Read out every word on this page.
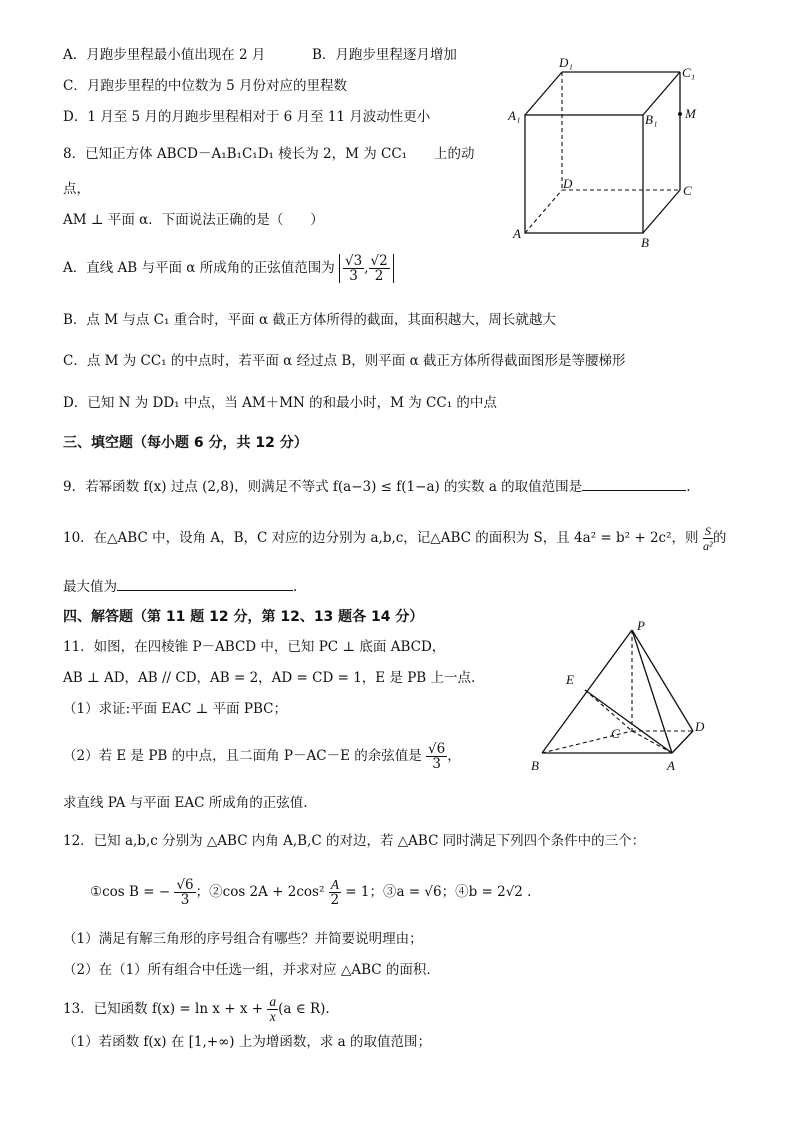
A．月跑步里程最小值出现在 2 月	B．月跑步里程逐月增加
C．月跑步里程的中位数为 5 月份对应的里程数
D．1 月至 5 月的月跑步里程相对于 6 月至 11 月波动性更小
8．已知正方体 ABCD－A₁B₁C₁D₁ 棱长为 2，M 为 CC₁ 上的动
点，
AM ⊥ 平面 α．下面说法正确的是（　　）
A．直线 AB 与平面 α 所成角的正弦值范围为 $\frac{√3}{3}$ , $\frac{√2}{2}$
B．点 M 与点 C₁ 重合时，平面 α 截正方体所得的截面，其面积越大，周长就越大
C．点 M 为 CC₁ 的中点时，若平面 α 经过点 B，则平面 α 截正方体所得截面图形是等腰梯形
D．已知 N 为 DD₁ 中点，当 AM＋MN 的和最小时，M 为 CC₁ 的中点
D₁
C₁
M
A₁	B₁
D	C
A
B
三、填空题（每小题 6 分，共 12 分）
9．若幂函数 f(x) 过点 (2,8)，则满足不等式 f(a−3) ≤ f(1−a) 的实数 a 的取值范围是	.
10．在△ABC 中，设角 A，B，C 对应的边分别为 a,b,c，记△ABC 的面积为 S，且 4a² = b² + 2c²，则 $\frac{S}{\text{a²}}$ 的
最大值为	.
四、解答题（第 11 题 12 分，第 12、13 题各 14 分）
11．如图，在四棱锥 P－ABCD 中，已知 PC ⊥ 底面 ABCD，
AB ⊥ AD，AB // CD，AB = 2，AD = CD = 1，E 是 PB 上一点.
（1）求证:平面 EAC ⊥ 平面 PBC；
（2）若 E 是 PB 的中点，且二面角 P－AC－E 的余弦值是 $\frac{√6}{3}$ ，
求直线 PA 与平面 EAC 所成角的正弦值.
P
E
D
C
B	A
12．已知 a,b,c 分别为 △ABC 内角 A,B,C 的对边，若 △ABC 同时满足下列四个条件中的三个：
①cos B = − $\frac{√6}{3}$ ；②cos $2A + 2\cos^2 \frac{A}{2} = 1$；③a = √6；④b = 2√2 .
（1）满足有解三角形的序号组合有哪些？并简要说明理由；
（2）在（1）所有组合中任选一组，并求对应 △ABC 的面积．
13．已知函数 $f(x) = \ln x + x + \frac{a}{x} (a$ ∈ R).
（1）若函数 f(x) 在 [1,+∞) 上为增函数，求 a 的取值范围；
